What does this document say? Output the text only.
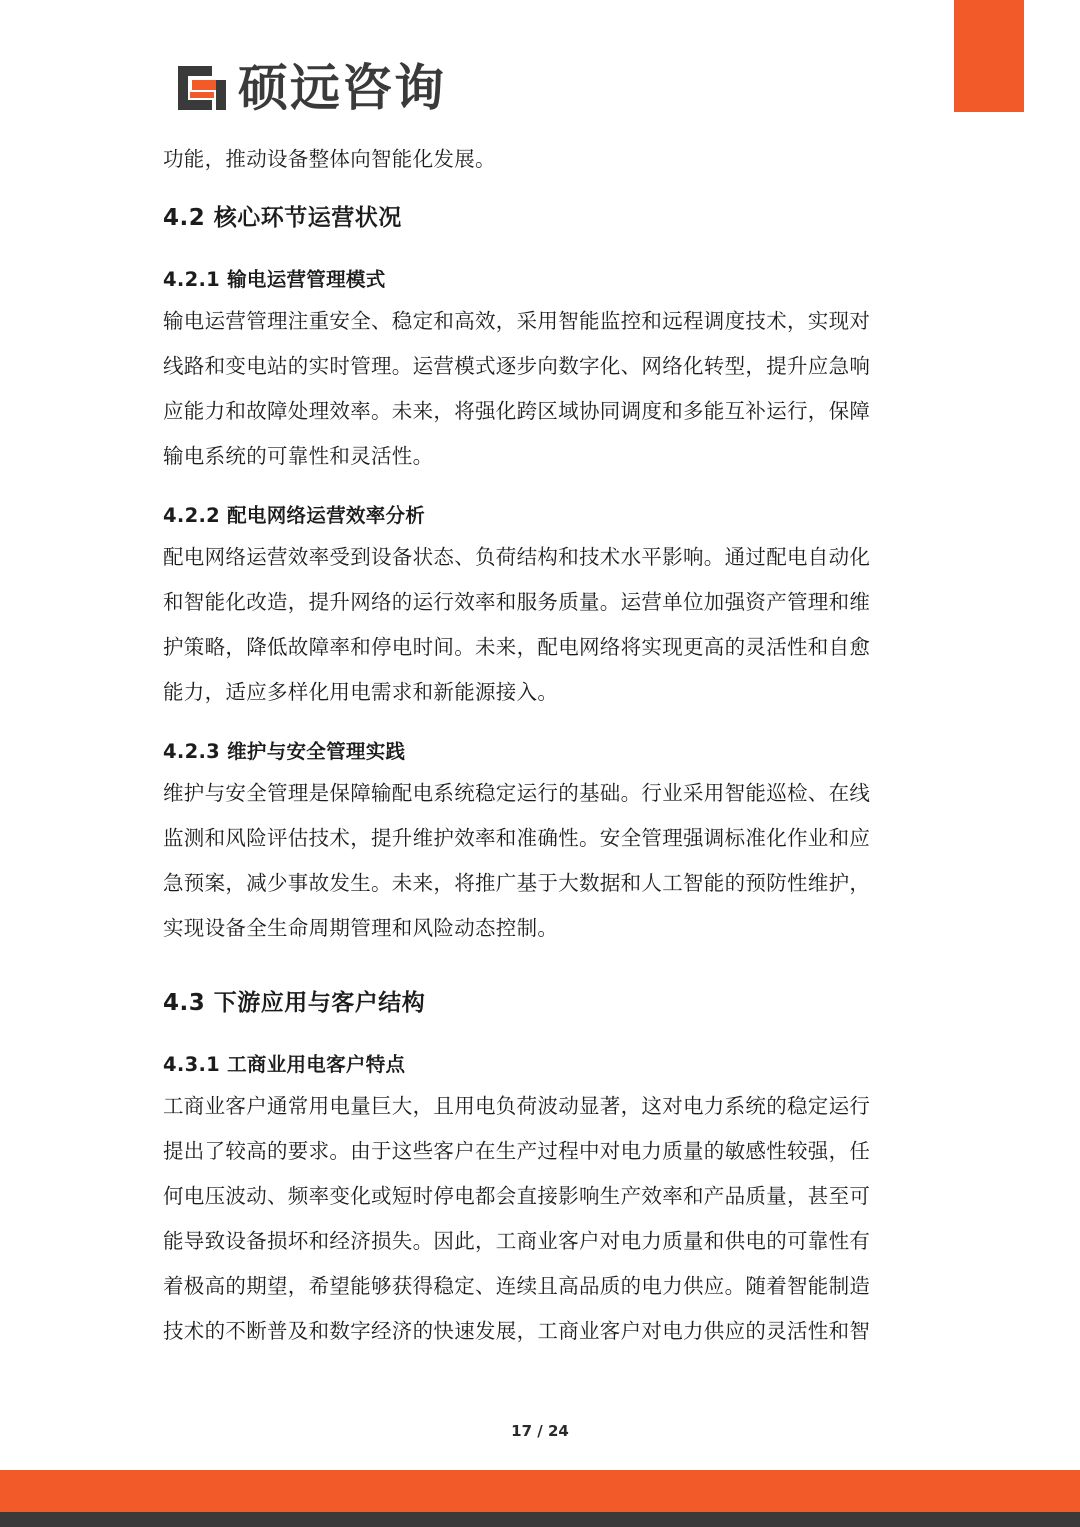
硕远咨询

功能，推动设备整体向智能化发展。

4.2 核心环节运营状况
4.2.1 输电运营管理模式

输电运营管理注重安全、稳定和高效，采用智能监控和远程调度技术，实现对

线路和变电站的实时管理。运营模式逐步向数字化、网络化转型，提升应急响

应能力和故障处理效率。未来，将强化跨区域协同调度和多能互补运行，保障

输电系统的可靠性和灵活性。

4.2.2 配电网络运营效率分析

配电网络运营效率受到设备状态、负荷结构和技术水平影响。通过配电自动化

和智能化改造，提升网络的运行效率和服务质量。运营单位加强资产管理和维

护策略，降低故障率和停电时间。未来，配电网络将实现更高的灵活性和自愈

能力，适应多样化用电需求和新能源接入。

4.2.3 维护与安全管理实践

维护与安全管理是保障输配电系统稳定运行的基础。行业采用智能巡检、在线

监测和风险评估技术，提升维护效率和准确性。安全管理强调标准化作业和应

急预案，减少事故发生。未来，将推广基于大数据和人工智能的预防性维护，

实现设备全生命周期管理和风险动态控制。

4.3 下游应用与客户结构
4.3.1 工商业用电客户特点

工商业客户通常用电量巨大，且用电负荷波动显著，这对电力系统的稳定运行

提出了较高的要求。由于这些客户在生产过程中对电力质量的敏感性较强，任

何电压波动、频率变化或短时停电都会直接影响生产效率和产品质量，甚至可

能导致设备损坏和经济损失。因此，工商业客户对电力质量和供电的可靠性有

着极高的期望，希望能够获得稳定、连续且高品质的电力供应。随着智能制造

技术的不断普及和数字经济的快速发展，工商业客户对电力供应的灵活性和智

17 / 24
